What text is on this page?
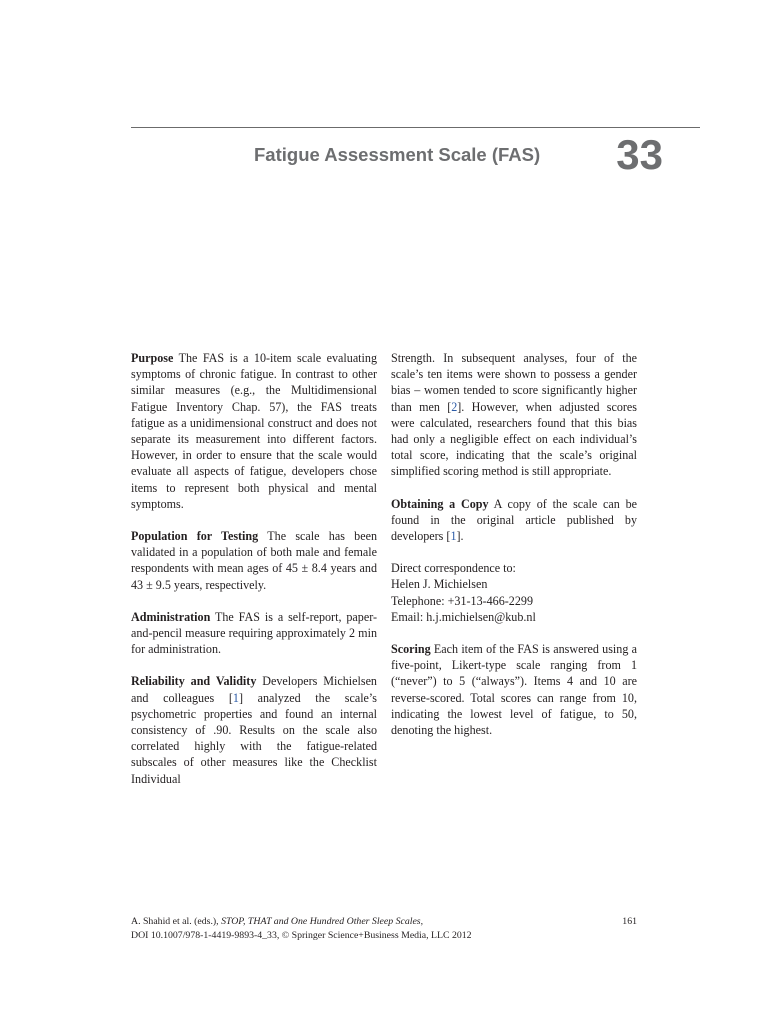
Fatigue Assessment Scale (FAS) 33

Purpose The FAS is a 10-item scale evaluating symptoms of chronic fatigue. In contrast to other similar measures (e.g., the Multidimensional Fatigue Inventory Chap. 57), the FAS treats fatigue as a unidimensional construct and does not separate its measurement into different factors. However, in order to ensure that the scale would evaluate all aspects of fatigue, developers chose items to represent both physical and mental symptoms.

Population for Testing The scale has been validated in a population of both male and female respondents with mean ages of 45 ± 8.4 years and 43 ± 9.5 years, respectively.

Administration The FAS is a self-report, paper-and-pencil measure requiring approximately 2 min for administration.

Reliability and Validity Developers Michielsen and colleagues [1] analyzed the scale’s psychometric properties and found an internal consistency of .90. Results on the scale also correlated highly with the fatigue-related subscales of other measures like the Checklist Individual

Strength. In subsequent analyses, four of the scale’s ten items were shown to possess a gender bias – women tended to score significantly higher than men [2]. However, when adjusted scores were calculated, researchers found that this bias had only a negligible effect on each individual’s total score, indicating that the scale’s original simplified scoring method is still appropriate.

Obtaining a Copy A copy of the scale can be found in the original article published by developers [1].

Direct correspondence to:

Helen J. Michielsen

Telephone: +31-13-466-2299

Email: h.j.michielsen@kub.nl

Scoring Each item of the FAS is answered using a five-point, Likert-type scale ranging from 1 (“never”) to 5 (“always”). Items 4 and 10 are reverse-scored. Total scores can range from 10, indicating the lowest level of fatigue, to 50, denoting the highest.

A. Shahid et al. (eds.), STOP, THAT and One Hundred Other Sleep Scales,
DOI 10.1007/978-1-4419-9893-4_33, © Springer Science+Business Media, LLC 2012
161
